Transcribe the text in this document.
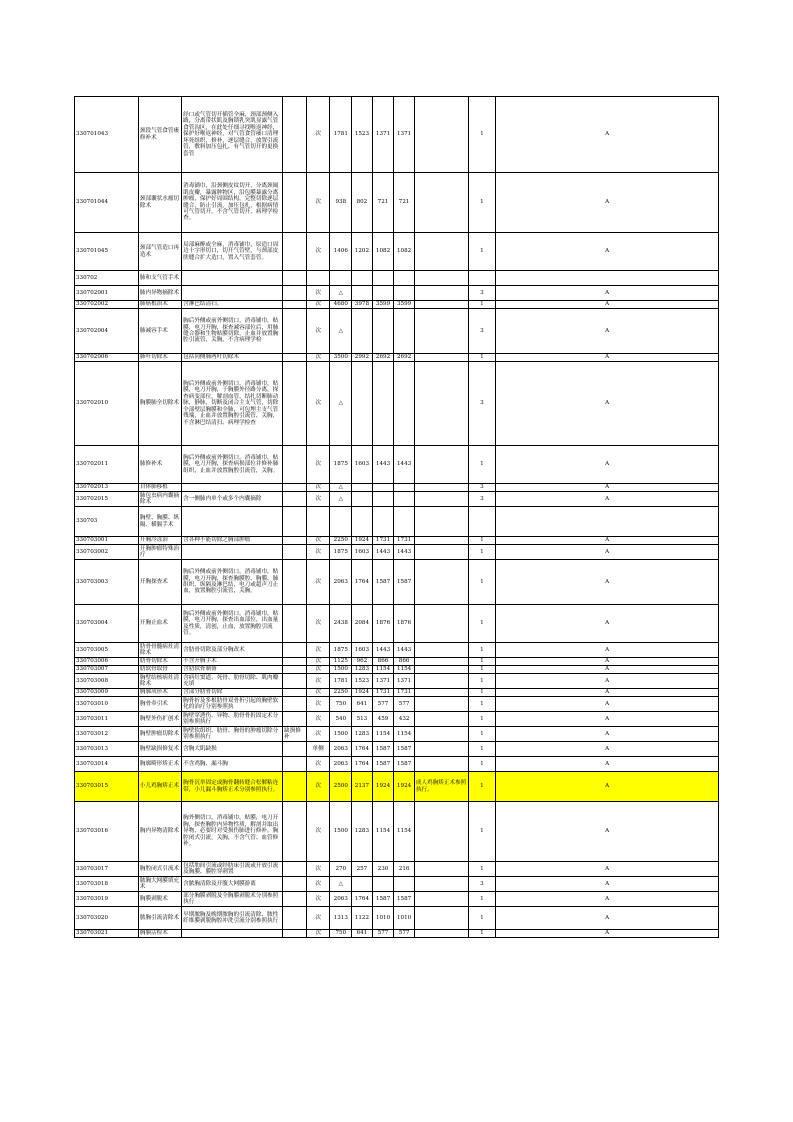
330701043	颈段气管食管瘘修补术	经口或气管切开插管全麻，颈部颈侧入路，分离带状肌及胸锁乳突肌显露气管食管沟区，在此处仔细寻找喉返神经，保护好喉返神经，对气管食管瘘口清理坏死组织，修补，逐层缝合，放置引流管，敷料加压包扎，有气管切开的更换套管		次	1781	1523	1371	1371		1	A
330701044	颈部囊状水瘤切除术	消毒铺巾，沿颈侧皮纹切开，分离颈阔肌皮瓣，暴露肿物区，沿包膜暴露分离肿瘤，保护好周围结构，完整切除逐层缝合，防止引流，加压包扎，根据病情可气管切开，不含气管切开、病理学检查。		次	938	802	721	721		1	A
330701045	颈部气管造口再造术	局部麻醉或全麻，消毒铺巾，原造口周边十字形切口，切开气管壁，与颈部皮肤缝合扩大造口，置入气管套管。		次	1406	1202	1082	1082		1	A
330702	肺和支气管手术										
330702001	肺内异物摘除术			次	△					3	A
330702002	肺癌根治术	含淋巴结清扫。		次	4680	3978	3599	3599		1	A
330702004	肺减容手术	胸后外侧或前外侧切口，消毒铺巾，贴膜，电刀开胸，探查减容部位后，用肺缝合器和生物贴膜切除，止血并放置胸腔引流管，关胸，不含病理学检		次	△					3	A
330702006	肺叶切除术	包括同侧肺两叶切除术		次	3500	2992	2692	2692		1	A
330702010	胸膜肺全切除术	胸后外侧或前外侧切口，消毒铺巾，贴膜，电刀开胸，于胸膜外径路分离，探查病变部位，解剖血管，结扎切断肺动脉，静脉，切断及闭合主支气管，切除全部壁层胸膜和全肺，可包埋主支气管残端，止血并放置胸腔引流管，关胸，不含淋巴结清扫、病理学检查		次	△					3	A
330702011	肺修补术	胸后外侧或前外侧切口，消毒铺巾，贴膜，电刀开胸，探查病损部位并修补肺组织，止血并放置胸腔引流管，关胸。		次	1875	1603	1443	1443		1	A
330702013	自体肺移植			次	△					3	A
330702015	肺包虫病内囊摘除术	含一侧肺内单个或多个内囊摘除		次	△					3	A
330703	胸壁、胸膜、纵隔、横膈手术										
330703001	开胸冷冻治	含各种不能切除之胸部肿瘤		次	2250	1924	1731	1731		1	A
330703002	开胸肿瘤特殊治疗			次	1875	1603	1443	1443		1	A
330703003	开胸探查术	胸后外侧或前外侧切口，消毒铺巾，贴膜，电刀开胸，探查胸膜腔、胸膜、肺组织、纵隔及淋巴结，电刀或超声刀止血，放置胸腔引流管，关胸。		次	2063	1764	1587	1587		1	A
330703004	开胸止血术	胸后外侧或前外侧切口，消毒铺巾，贴膜，电刀开胸，探查出血部位，出血量及性质，清创，止血，放置胸腔引流管。		次	2438	2084	1876	1876		1	A
330703005	肋骨骨髓病灶清除术	含肋骨切除及部分胸改术		次	1875	1603	1443	1443		1	A
330703006	肋骨切除术	不含开胸手术		次	1125	962	866	866		1	A
330703007	肋软骨取骨	含肋软骨制备		次	1500	1283	1154	1154		1	A
330703008	胸壁结核病灶清除术	含病灶窦道、死骨、肋骨切除、肌肉瓣充填		次	1781	1523	1371	1371		1	A
330703009	胸廓成形术	含部分肋骨切除		次	2250	1924	1731	1731		1	A
330703010	胸骨牵引术	胸骨折及多根肋骨双骨折引起的胸壁软化的治疗分别参照执		次	750	641	577	577		1	A
330703011	胸壁外伤扩创术	胸壁穿透伤、异物、肋骨骨折固定术分别参照执行		次	540	513	459	432		1	A
330703012	胸壁肿瘤切除术	胸壁软组织、肋骨、胸骨的肿瘤切除分别参照执行	缺损修补	次	1500	1283	1154	1154		1	A
330703013	胸壁缺损修复术	含胸大肌缺损		单侧	2063	1764	1587	1587		1	A
330703014	胸廓畸形矫正术	不含鸡胸、漏斗胸		次	2063	1764	1587	1587		1	A
330703015	小儿鸡胸矫正术	胸骨沉举固定或胸骨翻转缝合松解粘连带，小儿漏斗胸矫正术分别参照执行。		次	2500	2137	1924	1924	成人鸡胸矫正术参照执行。	1	A
330703016	胸内异物清除术	胸外侧切口，消毒铺巾，贴膜，电刀开胸，探查胸腔内异物性质，解剖并取出异物，必要时对受损伤肺进行修补，胸腔闭式引流，关胸，不含气管、血管修补。		次	1500	1283	1154	1154		1	A
330703017	胸腔闭式引流术	包括肋间引流或经肋床引流或开放引流及胸膜、膜腔穿刺置		次	270	257	230	216		1	A
330703018	脓胸大网膜填充术	含脓胸清除及开腹大网膜游离		次	△					3	A
330703019	胸膜剥脱术	部分胸膜剥脱及全胸膜剥脱术分别参照执行		次	2063	1764	1587	1587		1	A
330703020	脓胸引流清除术	早期脓胸及晚期脓胸的引流清除、脓性纤维膜剥脱胸腔冲洗引流分别参照执行		次	1313	1122	1010	1010		1	A
330703021	胸膜活检术			次	750	641	577	577		1	A
